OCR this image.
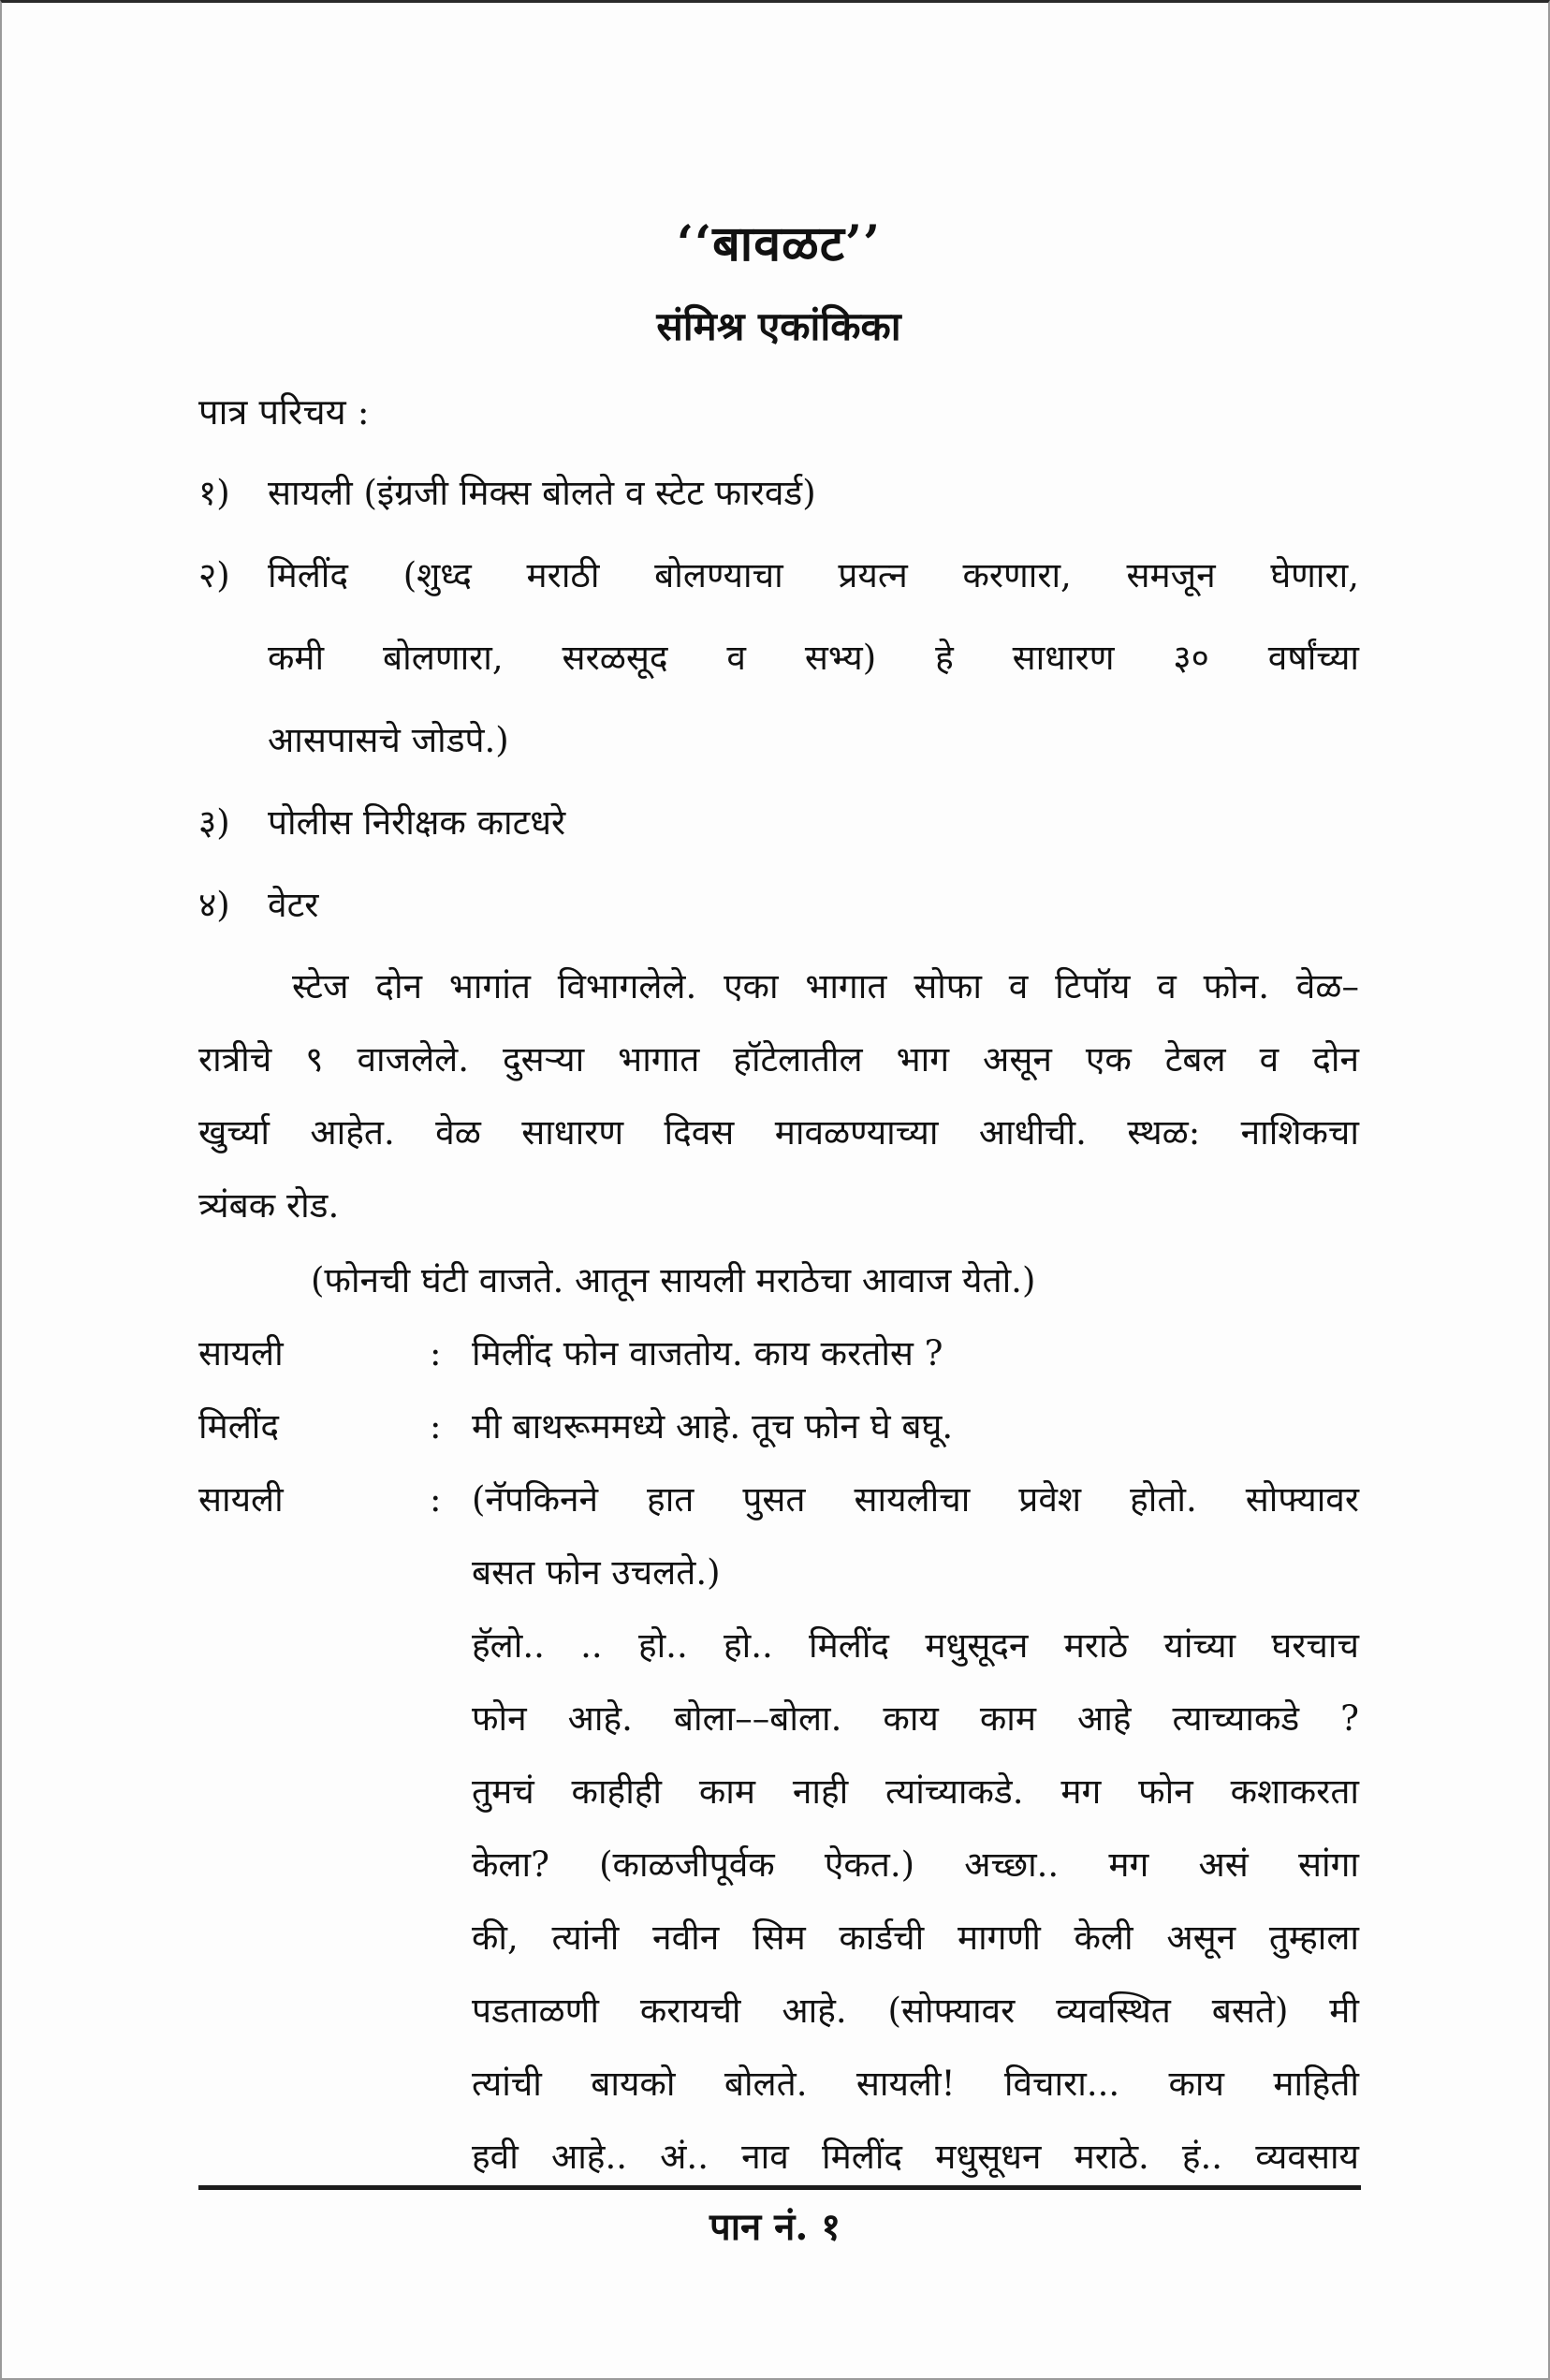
‘‘बावळट’’
संमिश्र एकांकिका
पात्र परिचय :
१)	सायली (इंग्रजी मिक्स बोलते व स्टेट फारवर्ड)
२)	मिलींद (शुध्द मराठी बोलण्याचा प्रयत्न करणारा, समजून घेणारा,
कमी बोलणारा, सरळसूद व सभ्य) हे साधारण ३० वर्षांच्या
आसपासचे जोडपे.)
३)	पोलीस निरीक्षक काटधरे
४)	वेटर
स्टेज दोन भागांत विभागलेले. एका भागात सोफा व टिपॉय व फोन. वेळ–
रात्रीचे ९ वाजलेले. दुसऱ्या भागात हॉटेलातील भाग असून एक टेबल व दोन
खुर्च्या आहेत. वेळ साधारण दिवस मावळण्याच्या आधीची. स्थळ: नाशिकचा
त्र्यंबक रोड.
(फोनची घंटी वाजते. आतून सायली मराठेचा आवाज येतो.)
सायली	: मिलींद फोन वाजतोय. काय करतोस ?
मिलींद	: मी बाथरूममध्ये आहे. तूच फोन घे बघू.
सायली	: (नॅपकिनने हात पुसत सायलीचा प्रवेश होतो. सोफ्यावर
बसत फोन उचलते.)
हॅलो.. .. हो.. हो.. मिलींद मधुसूदन मराठे यांच्या घरचाच
फोन आहे. बोला––बोला. काय काम आहे त्याच्याकडे ?
तुमचं काहीही काम नाही त्यांच्याकडे. मग फोन कशाकरता
केला? (काळजीपूर्वक ऐकत.) अच्छा.. मग असं सांगा
की, त्यांनी नवीन सिम कार्डची मागणी केली असून तुम्हाला
पडताळणी करायची आहे. (सोफ्यावर व्यवस्थित बसते) मी
त्यांची बायको बोलते. सायली! विचारा... काय माहिती
हवी आहे.. अं.. नाव मिलींद मधुसूधन मराठे. हं.. व्यवसाय
पान नं. १
